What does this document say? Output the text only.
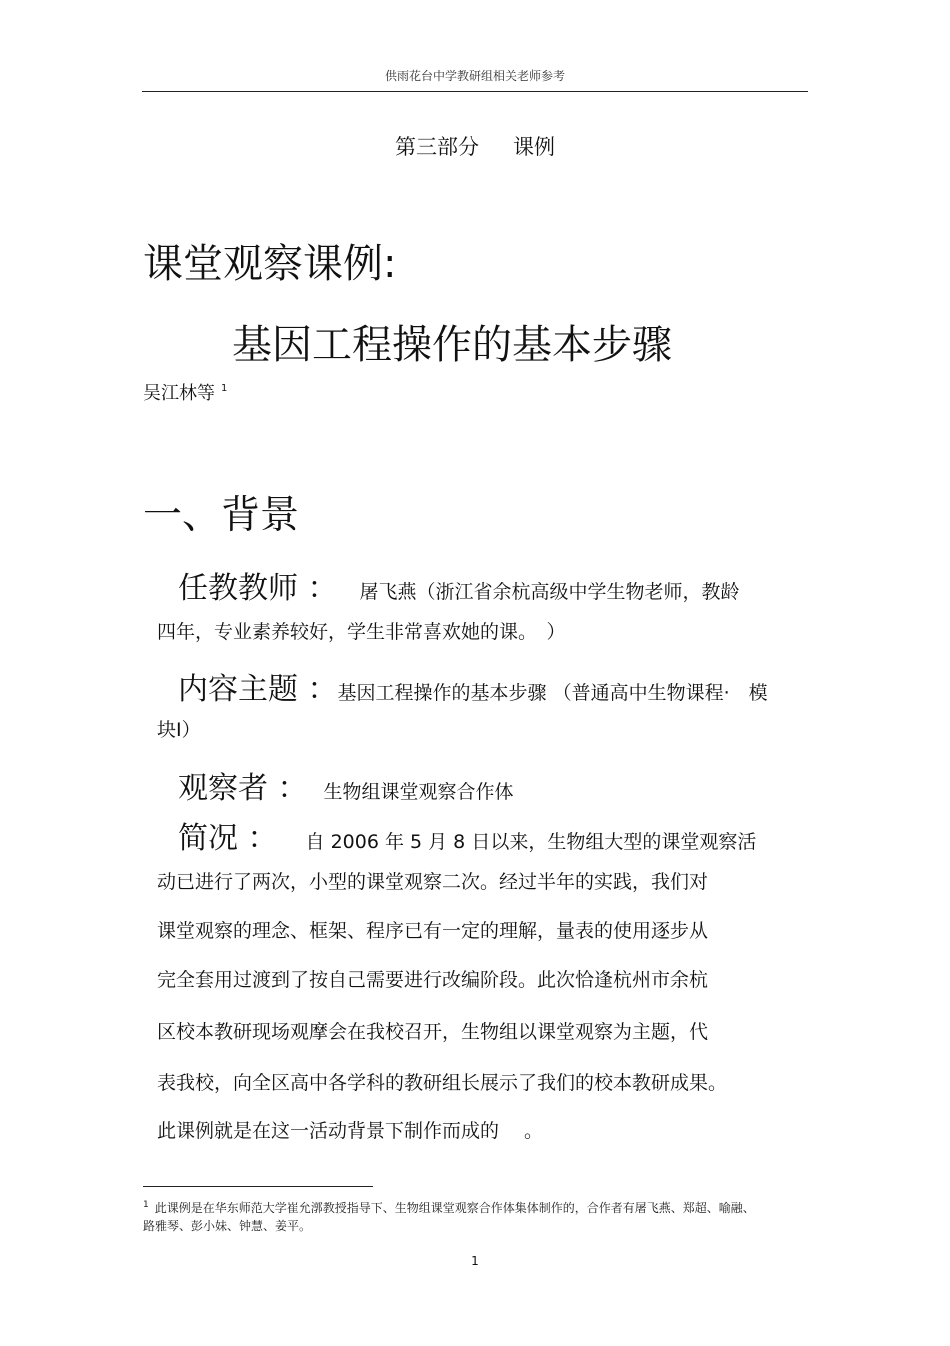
供雨花台中学教研组相关老师参考
第三部分 课例
课堂观察课例:
基因工程操作的基本步骤
吴江林等 $^1$
一、背景
任教教师 ： 屠飞燕（浙江省余杭高级中学生物老师，教龄
四年，专业素养较好，学生非常喜欢她的课。　）
内容主题 ：基因工程操作的基本步骤 （普通高中生物课程·　模
块Ⅰ）
观察者 ： 生物组课堂观察合作体
简况 ： 自 2006 年 5 月 8 日以来，生物组大型的课堂观察活
动已进行了两次，小型的课堂观察二次。经过半年的实践，我们对
课堂观察的理念、框架、程序已有一定的理解，量表的使用逐步从
完全套用过渡到了按自己需要进行改编阶段。此次恰逢杭州市余杭
区校本教研现场观摩会在我校召开，生物组以课堂观察为主题，代
表我校，向全区高中各学科的教研组长展示了我们的校本教研成果。
此课例就是在这一活动背景下制作而成的　 。
$^1$ 此课例是在华东师范大学崔允漷教授指导下、生物组课堂观察合作体集体制作的，合作者有屠飞燕、郑超、喻融、路雅琴、彭小妹、钟慧、姜平。
1
